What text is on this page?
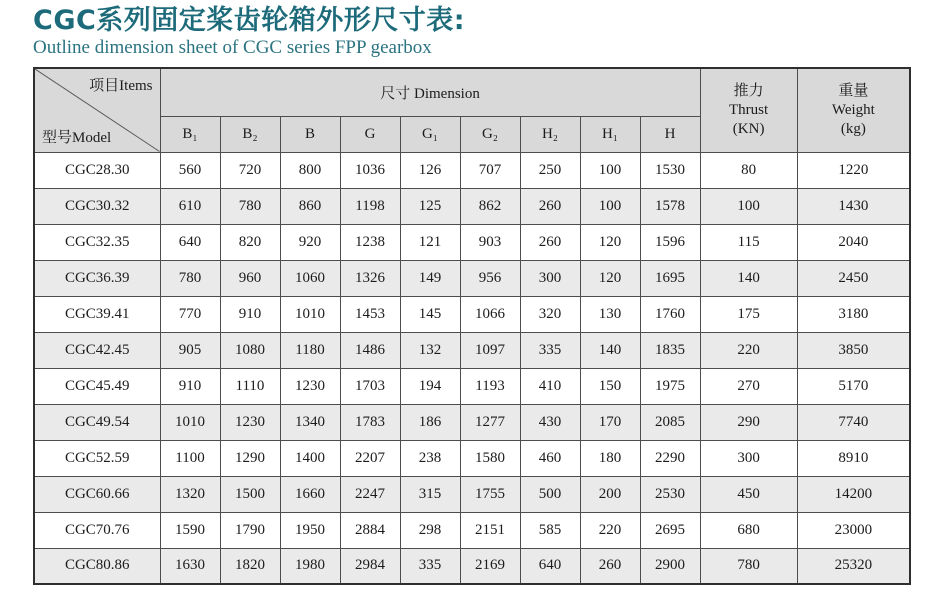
CGC系列固定桨齿轮箱外形尺寸表:
Outline dimension sheet of CGC series FPP gearbox
项目Items
型号Model
	尺寸 Dimension	推力
Thrust
(KN)

重量
Weight
(kg)

	B₁	B₂	B	G	G₁	G₂	H₂	H₁	H		
CGC28.30	560	720	800	1036	126	707	250	100	1530	80	1220
CGC30.32	610	780	860	1198	125	862	260	100	1578	100	1430
CGC32.35	640	820	920	1238	121	903	260	120	1596	115	2040
CGC36.39	780	960	1060	1326	149	956	300	120	1695	140	2450
CGC39.41	770	910	1010	1453	145	1066	320	130	1760	175	3180
CGC42.45	905	1080	1180	1486	132	1097	335	140	1835	220	3850
CGC45.49	910	1110	1230	1703	194	1193	410	150	1975	270	5170
CGC49.54	1010	1230	1340	1783	186	1277	430	170	2085	290	7740
CGC52.59	1100	1290	1400	2207	238	1580	460	180	2290	300	8910
CGC60.66	1320	1500	1660	2247	315	1755	500	200	2530	450	14200
CGC70.76	1590	1790	1950	2884	298	2151	585	220	2695	680	23000
CGC80.86	1630	1820	1980	2984	335	2169	640	260	2900	780	25320
